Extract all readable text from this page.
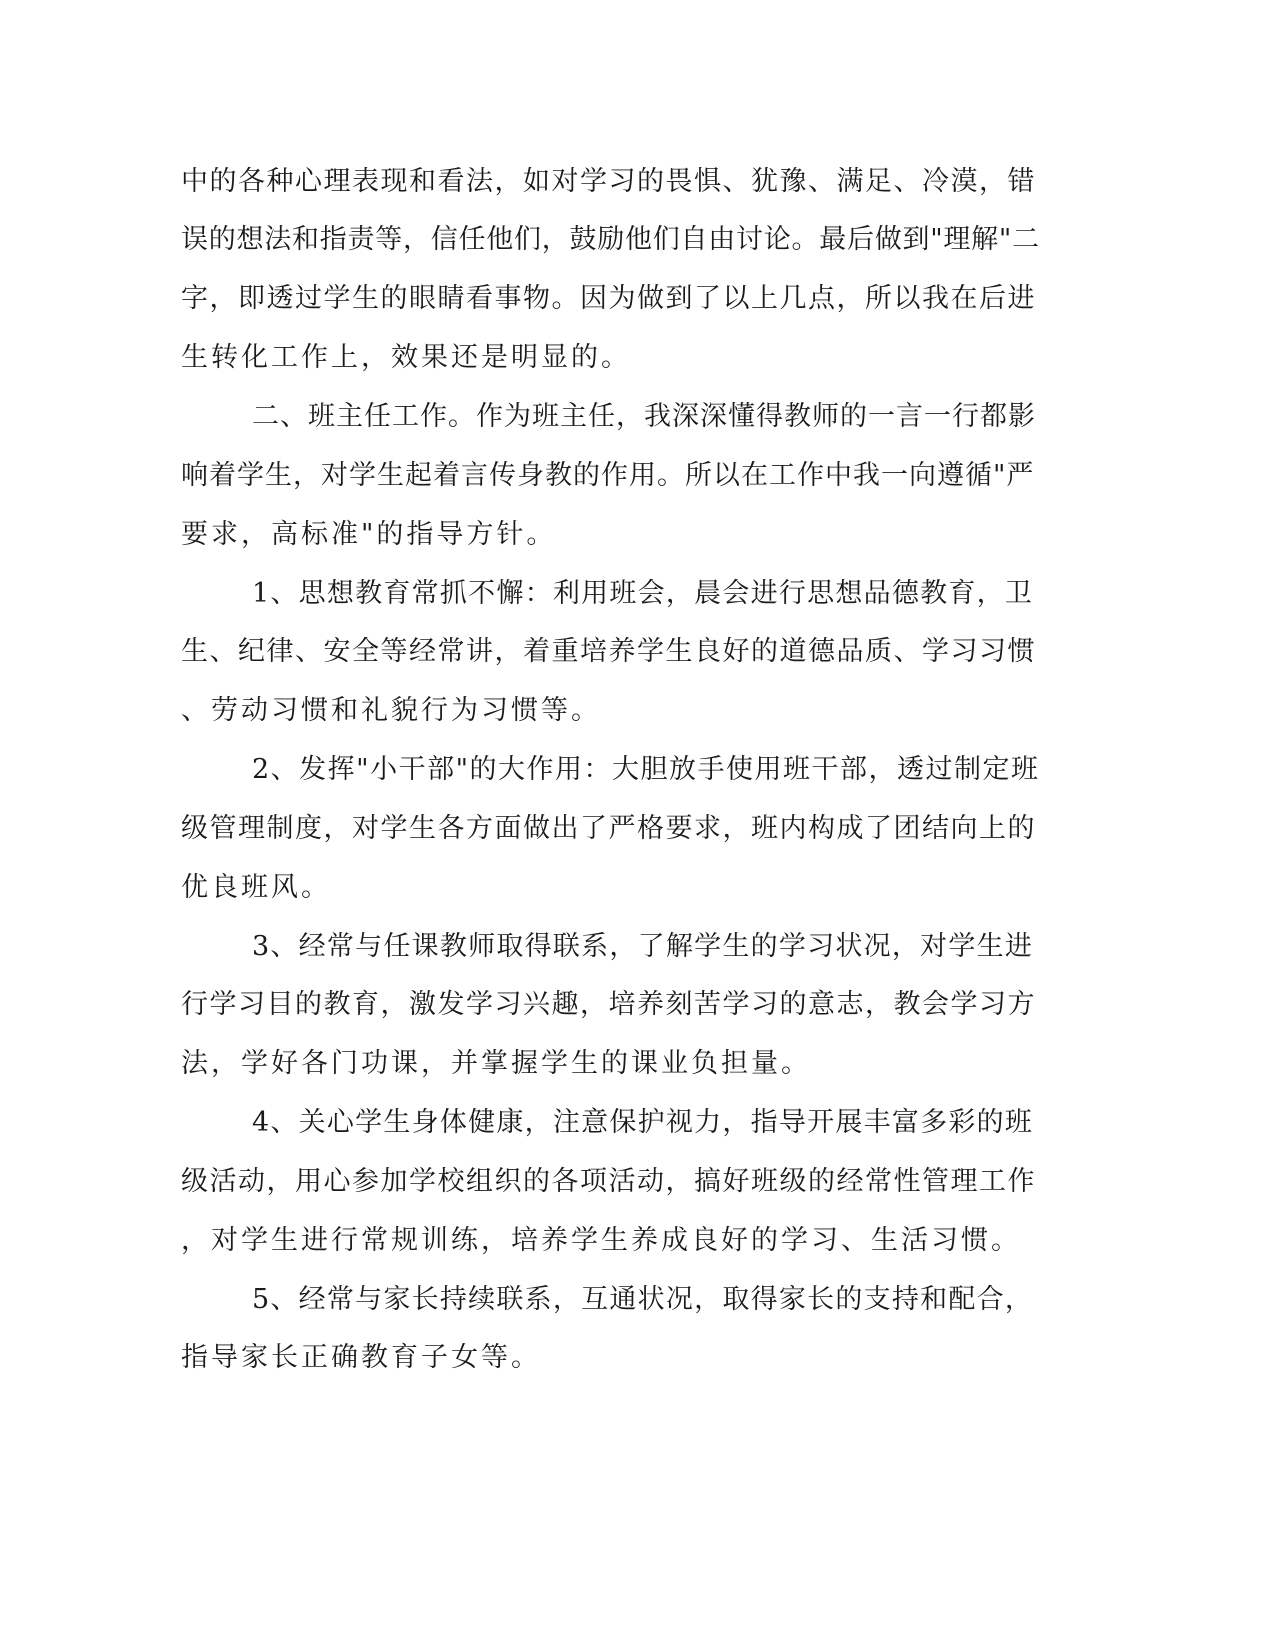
中的各种心理表现和看法，如对学习的畏惧、犹豫、满足、冷漠，错
误的想法和指责等，信任他们，鼓励他们自由讨论。最后做到"理解"二
字，即透过学生的眼睛看事物。因为做到了以上几点，所以我在后进
生转化工作上，效果还是明显的。
二、班主任工作。作为班主任，我深深懂得教师的一言一行都影
响着学生，对学生起着言传身教的作用。所以在工作中我一向遵循"严
要求，高标准"的指导方针。
1、思想教育常抓不懈：利用班会，晨会进行思想品德教育，卫
生、纪律、安全等经常讲，着重培养学生良好的道德品质、学习习惯
、劳动习惯和礼貌行为习惯等。
2、发挥"小干部"的大作用：大胆放手使用班干部，透过制定班
级管理制度，对学生各方面做出了严格要求，班内构成了团结向上的
优良班风。
3、经常与任课教师取得联系，了解学生的学习状况，对学生进
行学习目的教育，激发学习兴趣，培养刻苦学习的意志，教会学习方
法，学好各门功课，并掌握学生的课业负担量。
4、关心学生身体健康，注意保护视力，指导开展丰富多彩的班
级活动，用心参加学校组织的各项活动，搞好班级的经常性管理工作
，对学生进行常规训练，培养学生养成良好的学习、生活习惯。
5、经常与家长持续联系，互通状况，取得家长的支持和配合，
指导家长正确教育子女等。
